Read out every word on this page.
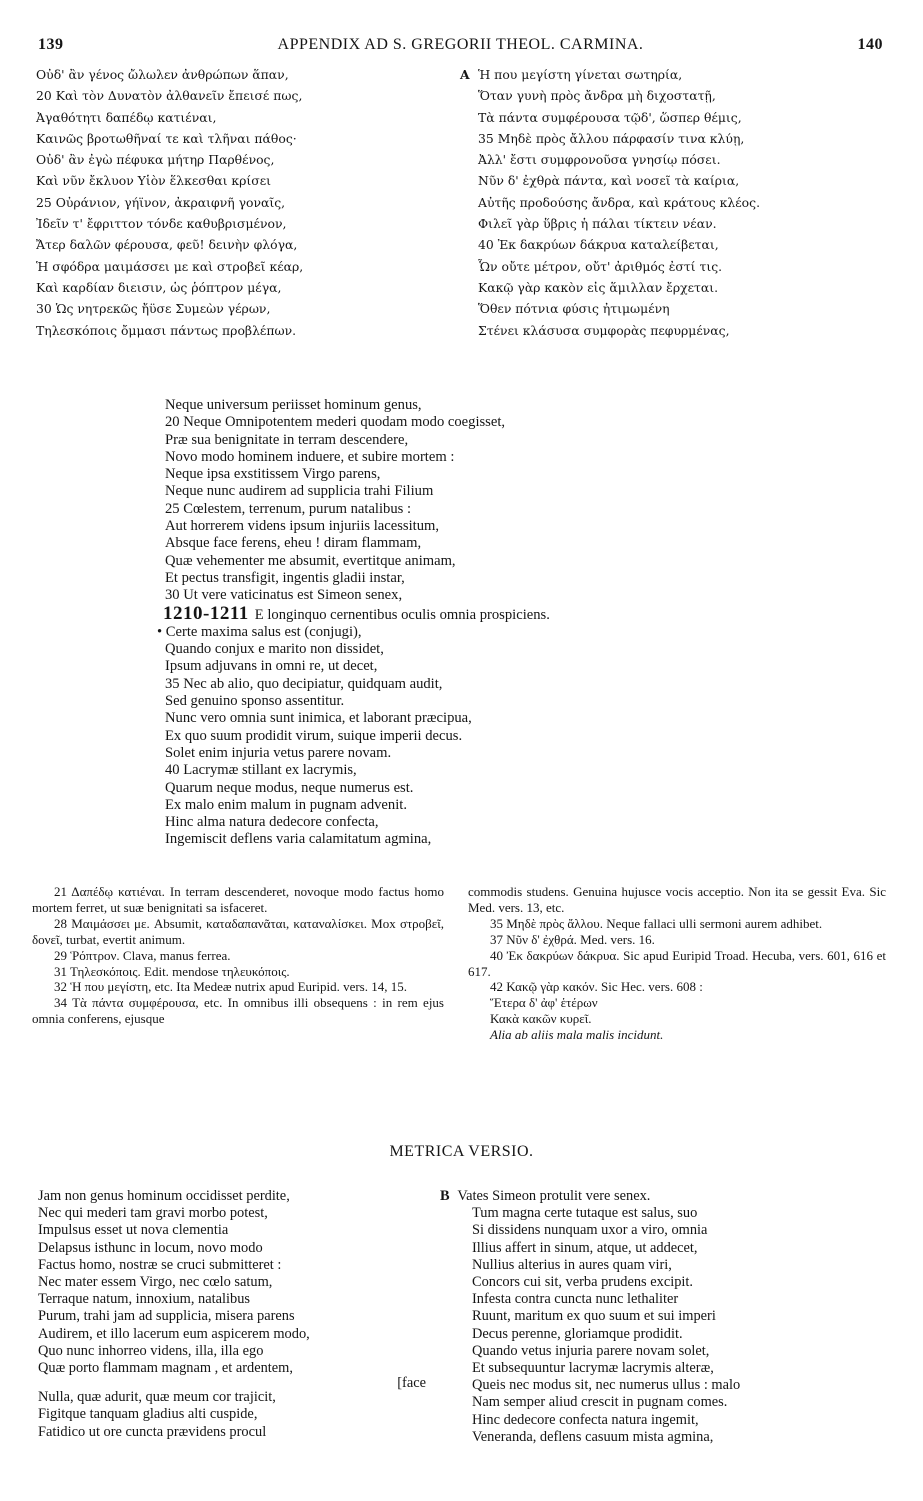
139	APPENDIX AD S. GREGORII THEOL. CARMINA.	140
Οὐδ' ἂν γένος ὤλωλεν ἀνθρώπων ἅπαν,
20 Καὶ τὸν Δυνατὸν ἀλθανεῖν ἔπεισέ πως,
Ἀγαθότητι δαπέδῳ κατιέναι,
Καινῶς βροτωθῆναί τε καὶ τλῆναι πάθος·
Οὐδ' ἂν ἐγὼ πέφυκα μήτηρ Παρθένος,
Καὶ νῦν ἔκλυον Υἱὸν ἕλκεσθαι κρίσει
25 Οὐράνιον, γήϊνον, ἀκραιφνῆ γοναῖς,
Ἰδεῖν τ' ἔφριττον τόνδε καθυβρισμένον,
Ἄτερ δαλῶν φέρουσα, φεῦ! δεινὴν φλόγα,
Ἡ σφόδρα μαιμάσσει με καὶ στροβεῖ κέαρ,
Καὶ καρδίαν διεισιν, ὡς ῥόπτρον μέγα,
30 Ὡς νητρεκῶς ἤϋσε Συμεὼν γέρων,
Τηλεσκόποις ὄμμασι πάντως προβλέπων.
A Ἡ που μεγίστη γίνεται σωτηρία,
Ὅταν γυνὴ πρὸς ἄνδρα μὴ διχοστατῇ,
Τὰ πάντα συμφέρουσα τῷδ', ὥσπερ θέμις,
35 Μηδὲ πρὸς ἄλλου πάρφασίν τινα κλύῃ,
Ἀλλ' ἔστι συμφρονοῦσα γνησίῳ πόσει.
Νῦν δ' ἐχθρὰ πάντα, καὶ νοσεῖ τὰ καίρια,
Αὐτῆς προδούσης ἄνδρα, καὶ κράτους κλέος.
Φιλεῖ γὰρ ὕβρις ἡ πάλαι τίκτειν νέαν.
40 Ἐκ δακρύων δάκρυα καταλείβεται,
Ὧν οὔτε μέτρον, οὔτ' ἀριθμός ἐστί τις.
Κακῷ γὰρ κακὸν εἰς ἅμιλλαν ἔρχεται.
Ὅθεν πότνια φύσις ἠτιμωμένη
Στένει κλάσυσα συμφορὰς πεφυρμένας,
Neque universum periisset hominum genus,
20 Neque Omnipotentem mederi quodam modo coegisset,
Præ sua benignitate in terram descendere,
Novo modo hominem induere, et subire mortem :
Neque ipsa exstitissem Virgo parens,
Neque nunc audirem ad supplicia trahi Filium
25 Cœlestem, terrenum, purum natalibus :
Aut horrerem videns ipsum injuriis lacessitum,
Absque face ferens, eheu ! diram flammam,
Quæ vehementer me absumit, evertitque animam,
Et pectus transfigit, ingentis gladii instar,
30 Ut vere vaticinatus est Simeon senex,
1210-1211 E longinquo cernentibus oculis omnia prospiciens.
• Certe maxima salus est (conjugi),
Quando conjux e marito non dissidet,
Ipsum adjuvans in omni re, ut decet,
35 Nec ab alio, quo decipiatur, quidquam audit,
Sed genuino sponso assentitur.
Nunc vero omnia sunt inimica, et laborant præcipua,
Ex quo suum prodidit virum, suique imperii decus.
Solet enim injuria vetus parere novam.
40 Lacrymæ stillant ex lacrymis,
Quarum neque modus, neque numerus est.
Ex malo enim malum in pugnam advenit.
Hinc alma natura dedecore confecta,
Ingemiscit deflens varia calamitatum agmina,

21 Δαπέδῳ κατιέναι. In terram descenderet, novoque modo factus homo mortem ferret, ut suæ benignitati sa isfaceret.

28 Μαιμάσσει με. Absumit, καταδαπανᾶται, καταναλίσκει. Mox στροβεῖ, δονεῖ, turbat, evertit animum.

29 Ῥόπτρον. Clava, manus ferrea.

31 Τηλεσκόποις. Edit. mendose τηλευκόποις.

32 Ἡ που μεγίστη, etc. Ita Medeæ nutrix apud Euripid. vers. 14, 15.

34 Τὰ πάντα συμφέρουσα, etc. In omnibus illi obsequens : in rem ejus omnia conferens, ejusque

commodis studens. Genuina hujusce vocis acceptio. Non ita se gessit Eva. Sic Med. vers. 13, etc.

35 Μηδὲ πρὸς ἄλλου. Neque fallaci ulli sermoni aurem adhibet.

37 Νῦν δ' ἐχθρά. Med. vers. 16.

40 Ἐκ δακρύων δάκρυα. Sic apud Euripid Troad. Hecuba, vers. 601, 616 et 617.

42 Κακῷ γὰρ κακόν. Sic Hec. vers. 608 :

Ἕτερα δ' ἀφ' ἑτέρων

Κακὰ κακῶν κυρεῖ.

Alia ab aliis mala malis incidunt.

METRICA VERSIO.
Jam non genus hominum occidisset perdite,
Nec qui mederi tam gravi morbo potest,
Impulsus esset ut nova clementia
Delapsus isthunc in locum, novo modo
Factus homo, nostræ se cruci submitteret :
Nec mater essem Virgo, nec cœlo satum,
Terraque natum, innoxium, natalibus
Purum, trahi jam ad supplicia, misera parens
Audirem, et illo lacerum eum aspicerem modo,
Quo nunc inhorreo videns, illa, illa ego
Quæ porto flammam magnam , et ardentem,
[face
Nulla, quæ adurit, quæ meum cor trajicit,
Figitque tanquam gladius alti cuspide,
Fatidico ut ore cuncta prævidens procul
B Vates Simeon protulit vere senex.
Tum magna certe tutaque est salus, suo
Si dissidens nunquam uxor a viro, omnia
Illius affert in sinum, atque, ut addecet,
Nullius alterius in aures quam viri,
Concors cui sit, verba prudens excipit.
Infesta contra cuncta nunc lethaliter
Ruunt, maritum ex quo suum et sui imperi
Decus perenne, gloriamque prodidit.
Quando vetus injuria parere novam solet,
Et subsequuntur lacrymæ lacrymis alteræ,
Queis nec modus sit, nec numerus ullus : malo
Nam semper aliud crescit in pugnam comes.
Hinc dedecore confecta natura ingemit,
Veneranda, deflens casuum mista agmina,
